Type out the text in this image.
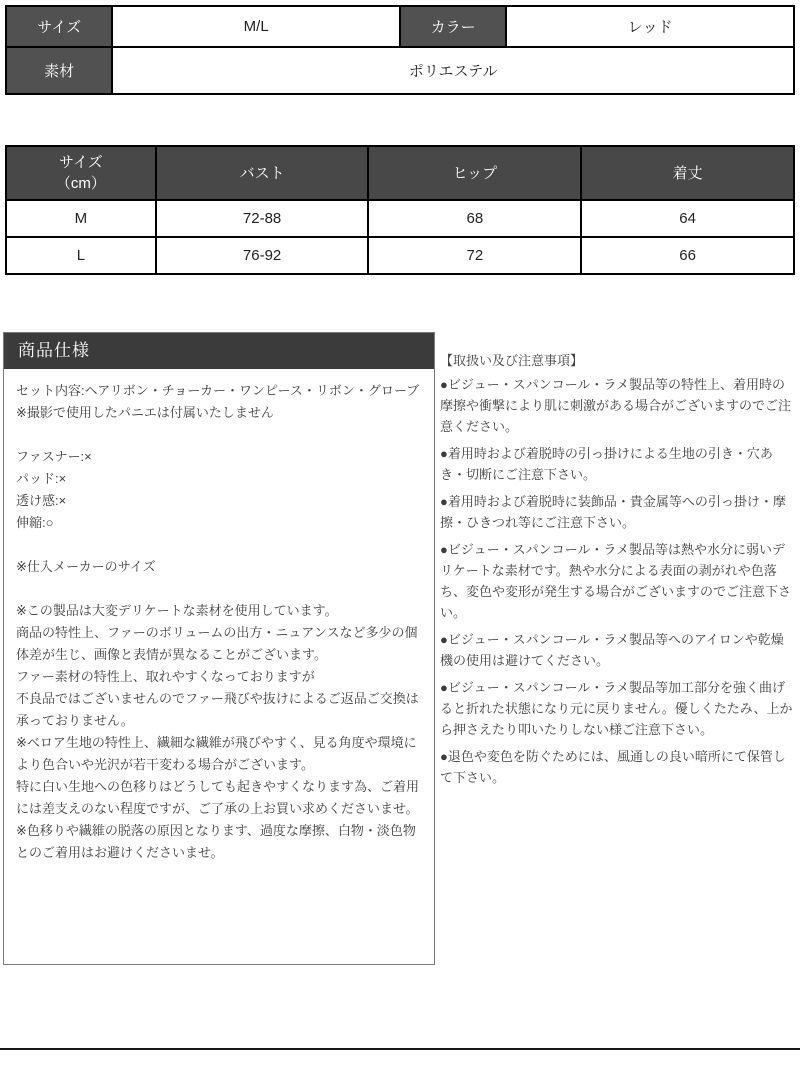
サイズ	M/L	カラー	レッド
素材	ポリエステル		
サイズ
（cm）	バスト	ヒップ	着丈
M	72-88	68	64
L	76-92	72	66
商品仕様

セット内容:ヘアリボン・チョーカー・ワンピース・リボン・グローブ

※撮影で使用したパニエは付属いたしません

ファスナー:×

パッド:×

透け感:×

伸縮:○

※仕入メーカーのサイズ

※この製品は大変デリケートな素材を使用しています。

商品の特性上、ファーのボリュームの出方・ニュアンスなど多少の個体差が生じ、画像と表情が異なることがございます。

ファー素材の特性上、取れやすくなっておりますが

不良品ではございませんのでファー飛びや抜けによるご返品ご交換は承っておりません。

※ベロア生地の特性上、繊細な繊維が飛びやすく、見る角度や環境により色合いや光沢が若干変わる場合がございます。

特に白い生地への色移りはどうしても起きやすくなります為、ご着用には差支えのない程度ですが、ご了承の上お買い求めくださいませ。

※色移りや繊維の脱落の原因となります、過度な摩擦、白物・淡色物とのご着用はお避けくださいませ。

【取扱い及び注意事項】

●ビジュー・スパンコール・ラメ製品等の特性上、着用時の摩擦や衝撃により肌に刺激がある場合がございますのでご注意ください。

●着用時および着脱時の引っ掛けによる生地の引き・穴あき・切断にご注意下さい。

●着用時および着脱時に装飾品・貴金属等への引っ掛け・摩擦・ひきつれ等にご注意下さい。

●ビジュー・スパンコール・ラメ製品等は熱や水分に弱いデリケートな素材です。熱や水分による表面の剥がれや色落ち、変色や変形が発生する場合がございますのでご注意下さい。

●ビジュー・スパンコール・ラメ製品等へのアイロンや乾燥機の使用は避けてください。

●ビジュー・スパンコール・ラメ製品等加工部分を強く曲げると折れた状態になり元に戻りません。優しくたたみ、上から押さえたり叩いたりしない様ご注意下さい。

●退色や変色を防ぐためには、風通しの良い暗所にて保管して下さい。
